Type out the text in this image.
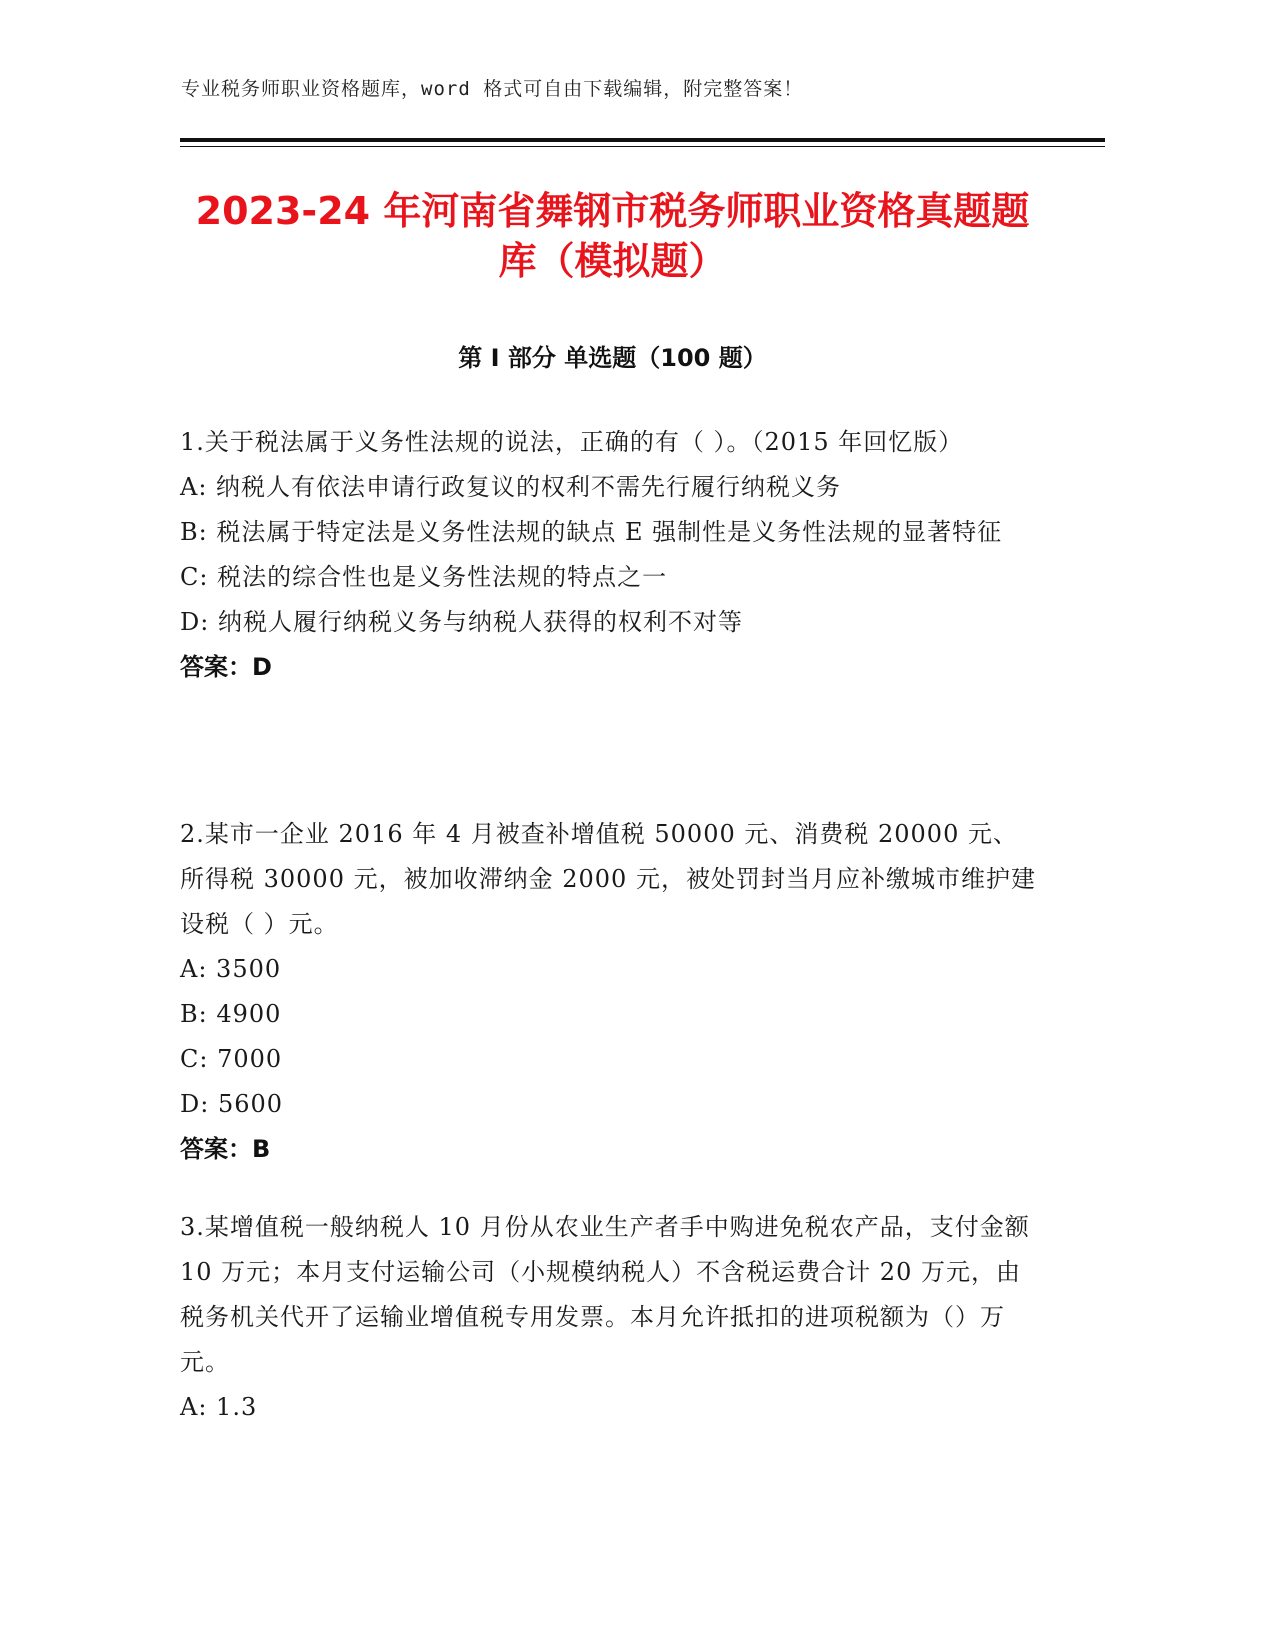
专业税务师职业资格题库，word 格式可自由下载编辑，附完整答案！
2023-24 年河南省舞钢市税务师职业资格真题题库（模拟题）
第 I 部分 单选题（100 题）

1.关于税法属于义务性法规的说法，正确的有（ ）。（2015 年回忆版）

A: 纳税人有依法申请行政复议的权利不需先行履行纳税义务

B: 税法属于特定法是义务性法规的缺点 E 强制性是义务性法规的显著特征

C: 税法的综合性也是义务性法规的特点之一

D: 纳税人履行纳税义务与纳税人获得的权利不对等

答案：D

2.某市一企业 2016 年 4 月被查补增值税 50000 元、消费税 20000 元、所得税 30000 元，被加收滞纳金 2000 元，被处罚封当月应补缴城市维护建设税（ ）元。

A: 3500

B: 4900

C: 7000

D: 5600

答案：B

3.某增值税一般纳税人 10 月份从农业生产者手中购进免税农产品，支付金额 10 万元；本月支付运输公司（小规模纳税人）不含税运费合计 20 万元，由税务机关代开了运输业增值税专用发票。本月允许抵扣的进项税额为（）万元。

A: 1.3
